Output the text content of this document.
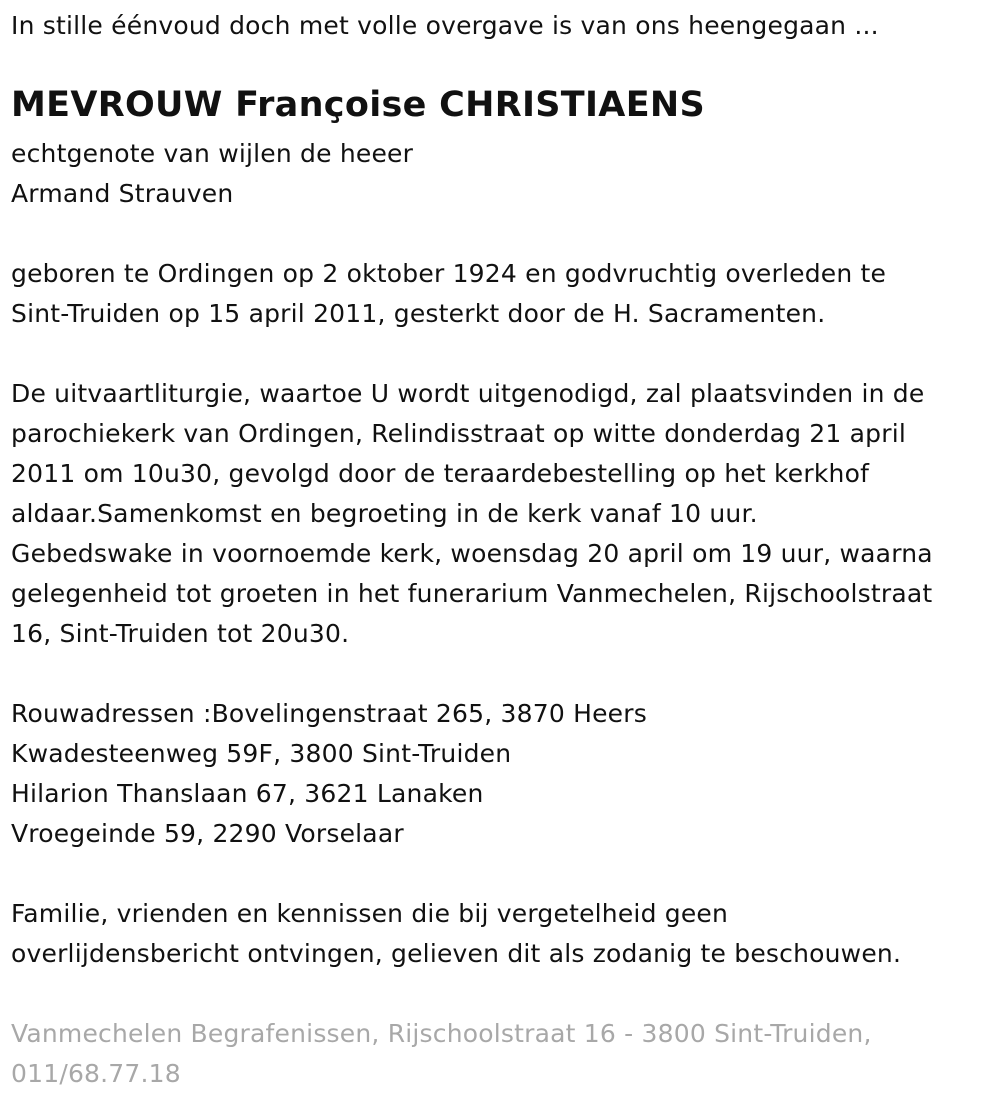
In stille éénvoud doch met volle overgave is van ons heengegaan ...
MEVROUW Françoise CHRISTIAENS
echtgenote van wijlen de heeer
Armand Strauven
geboren te Ordingen op 2 oktober 1924 en godvruchtig overleden te
Sint-Truiden op 15 april 2011, gesterkt door de H. Sacramenten.
De uitvaartliturgie, waartoe U wordt uitgenodigd, zal plaatsvinden in de
parochiekerk van Ordingen, Relindisstraat op witte donderdag 21 april
2011 om 10u30, gevolgd door de teraardebestelling op het kerkhof
aldaar.Samenkomst en begroeting in de kerk vanaf 10 uur.
Gebedswake in voornoemde kerk, woensdag 20 april om 19 uur, waarna
gelegenheid tot groeten in het funerarium Vanmechelen, Rijschoolstraat
16, Sint-Truiden tot 20u30.
Rouwadressen :Bovelingenstraat 265, 3870 Heers
Kwadesteenweg 59F, 3800 Sint-Truiden
Hilarion Thanslaan 67, 3621 Lanaken
Vroegeinde 59, 2290 Vorselaar
Familie, vrienden en kennissen die bij vergetelheid geen
overlijdensbericht ontvingen, gelieven dit als zodanig te beschouwen.
Vanmechelen Begrafenissen, Rijschoolstraat 16 - 3800 Sint-Truiden,
011/68.77.18
